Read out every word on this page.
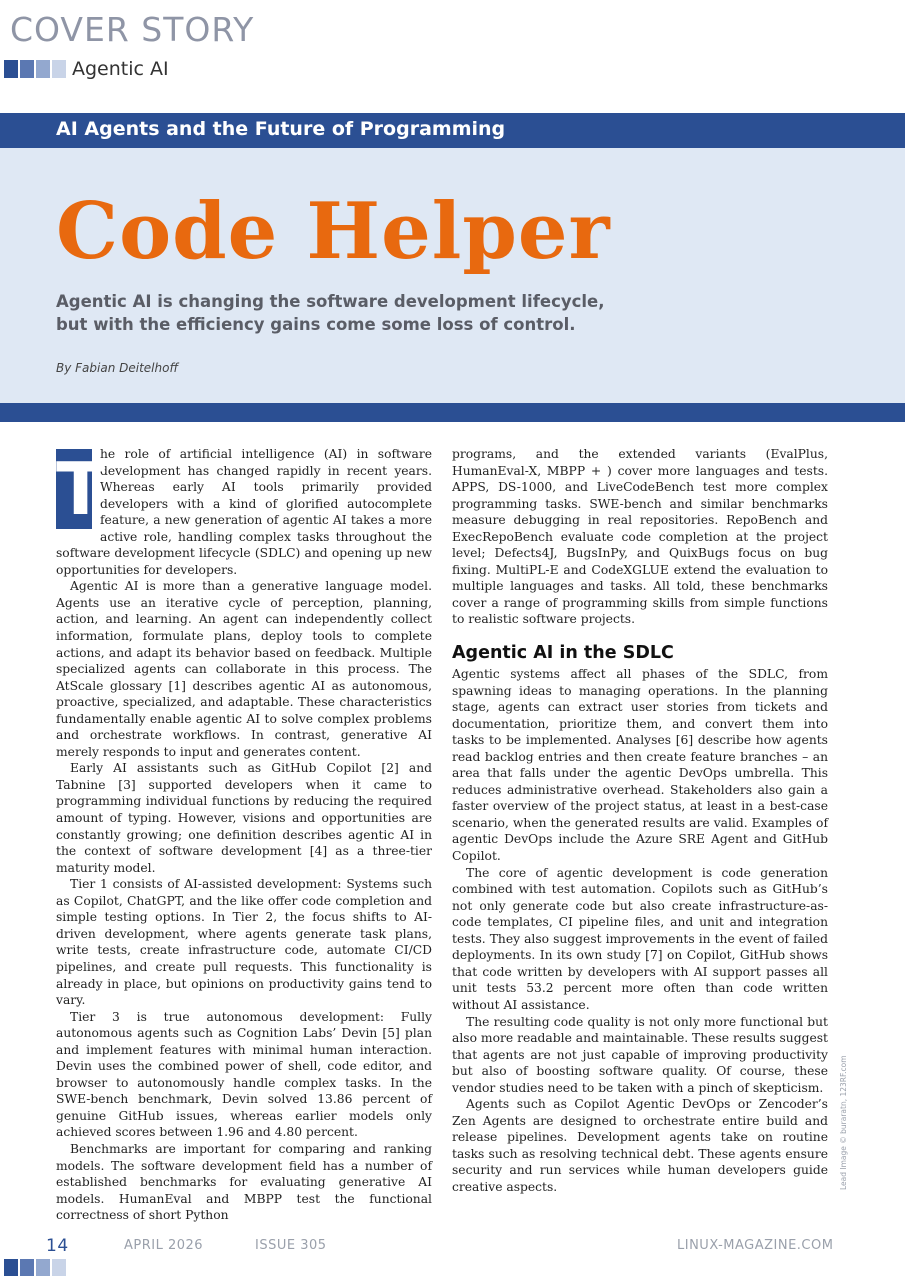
COVER STORY
Agentic AI
AI Agents and the Future of Programming
Code Helper
Agentic AI is changing the software development lifecycle,
but with the efficiency gains come some loss of control.
By Fabian Deitelhoff

T
he role of artificial intelligence (AI) in software development has changed rapidly in recent years. Whereas early AI tools primarily provided developers with a kind of glorified autocomplete feature, a new generation of agentic AI takes a more active role, handling complex tasks throughout the software development lifecycle (SDLC) and opening up new opportunities for developers.

Agentic AI is more than a generative language model. Agents use an iterative cycle of perception, planning, action, and learning. An agent can independently collect information, formulate plans, deploy tools to complete actions, and adapt its behavior based on feedback. Multiple specialized agents can collaborate in this process. The AtScale glossary [1] describes agentic AI as autonomous, proactive, specialized, and adaptable. These characteristics fundamentally enable agentic AI to solve complex problems and orchestrate workflows. In contrast, generative AI merely responds to input and generates content.

Early AI assistants such as GitHub Copilot [2] and Tabnine [3] supported developers when it came to programming individual functions by reducing the required amount of typing. However, visions and opportunities are constantly growing; one definition describes agentic AI in the context of software development [4] as a three-tier maturity model.

Tier 1 consists of AI-assisted development: Systems such as Copilot, ChatGPT, and the like offer code completion and simple testing options. In Tier 2, the focus shifts to AI-driven development, where agents generate task plans, write tests, create infrastructure code, automate CI/CD pipelines, and create pull requests. This functionality is already in place, but opinions on productivity gains tend to vary.

Tier 3 is true autonomous development: Fully autonomous agents such as Cognition Labs’ Devin [5] plan and implement features with minimal human interaction. Devin uses the combined power of shell, code editor, and browser to autonomously handle complex tasks. In the SWE-bench benchmark, Devin solved 13.86 percent of genuine GitHub issues, whereas earlier models only achieved scores between 1.96 and 4.80 percent.

Benchmarks are important for comparing and ranking models. The software development field has a number of established benchmarks for evaluating generative AI models. HumanEval and MBPP test the functional correctness of short Python

programs, and the extended variants (EvalPlus, HumanEval-X, MBPP + ) cover more languages and tests. APPS, DS-1000, and LiveCodeBench test more complex programming tasks. SWE-bench and similar benchmarks measure debugging in real repositories. RepoBench and ExecRepoBench evaluate code completion at the project level; Defects4J, BugsInPy, and QuixBugs focus on bug fixing. MultiPL-E and CodeXGLUE extend the evaluation to multiple languages and tasks. All told, these benchmarks cover a range of programming skills from simple functions to realistic software projects.

Agentic AI in the SDLC

Agentic systems affect all phases of the SDLC, from spawning ideas to managing operations. In the planning stage, agents can extract user stories from tickets and documentation, prioritize them, and convert them into tasks to be implemented. Analyses [6] describe how agents read backlog entries and then create feature branches – an area that falls under the agentic DevOps umbrella. This reduces administrative overhead. Stakeholders also gain a faster overview of the project status, at least in a best-case scenario, when the generated results are valid. Examples of agentic DevOps include the Azure SRE Agent and GitHub Copilot.

The core of agentic development is code generation combined with test automation. Copilots such as GitHub’s not only generate code but also create infrastructure-as-code templates, CI pipeline files, and unit and integration tests. They also suggest improvements in the event of failed deployments. In its own study [7] on Copilot, GitHub shows that code written by developers with AI support passes all unit tests 53.2 percent more often than code written without AI assistance.

The resulting code quality is not only more functional but also more readable and maintainable. These results suggest that agents are not just capable of improving productivity but also of boosting software quality. Of course, these vendor studies need to be taken with a pinch of skepticism.

Agents such as Copilot Agentic DevOps or Zencoder’s Zen Agents are designed to orchestrate entire build and release pipelines. Development agents take on routine tasks such as resolving technical debt. These agents ensure security and run services while human developers guide creative aspects.	Lead Image © buraratn, 123RF.com
14	APRIL 2026	ISSUE 305	LINUX-MAGAZINE.COM
